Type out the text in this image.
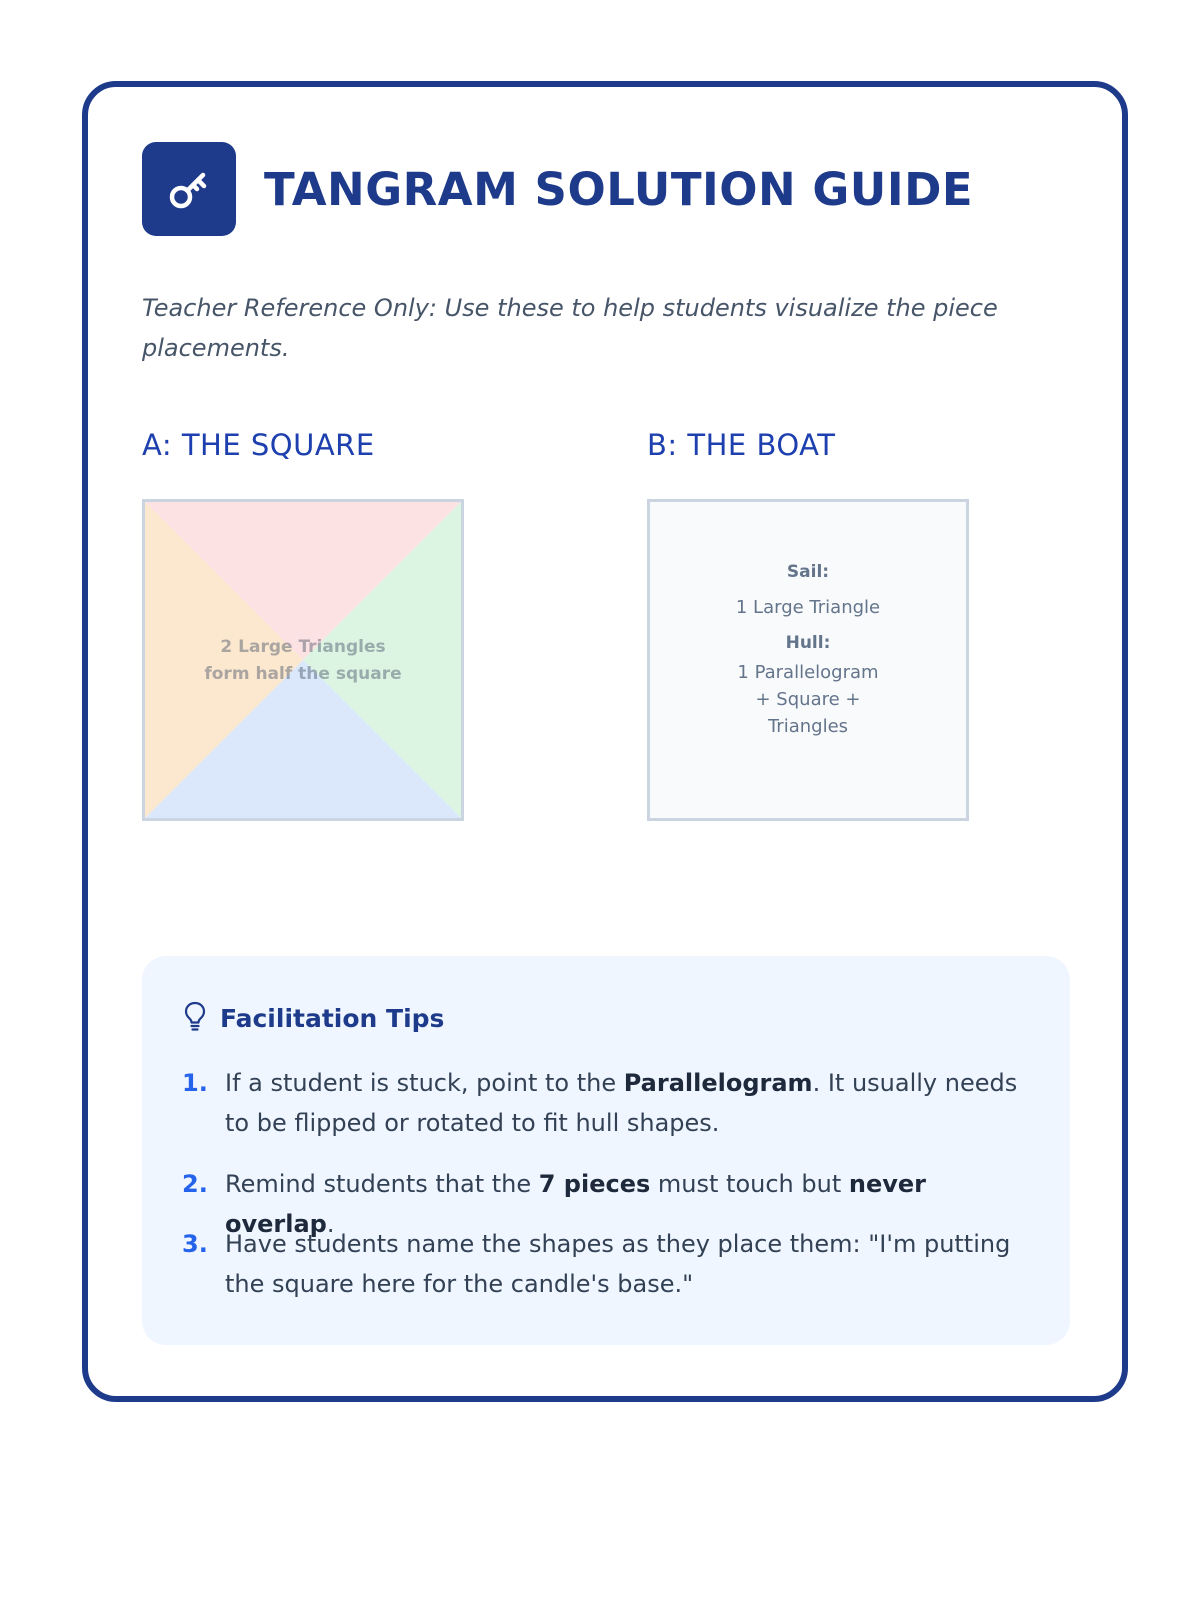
TANGRAM SOLUTION GUIDE
Teacher Reference Only: Use these to help students visualize the piece placements.
A: THE SQUARE	B: THE BOAT
2 Large Triangles
form half the square
Sail:
1 Large Triangle
Hull:
1 Parallelogram
+ Square +
Triangles
Facilitation Tips
1. If a student is stuck, point to the Parallelogram. It usually needs to be flipped or rotated to fit hull shapes.
2. Remind students that the 7 pieces must touch but never overlap.
3. Have students name the shapes as they place them: "I'm putting the square here for the candle's base."
